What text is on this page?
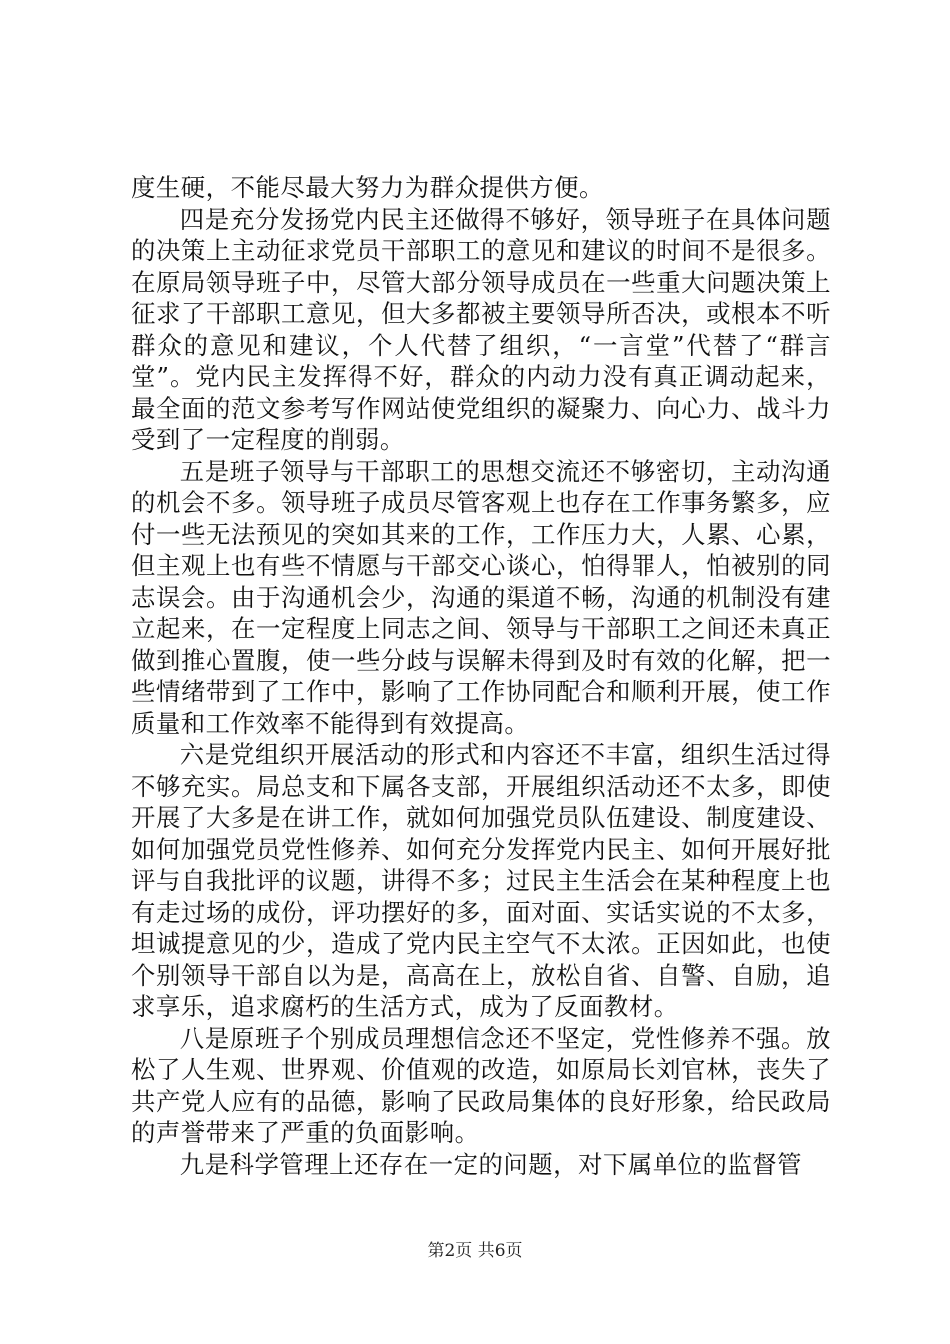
度生硬，不能尽最大努力为群众提供方便。

四是充分发扬党内民主还做得不够好，领导班子在具体问题的决策上主动征求党员干部职工的意见和建议的时间不是很多。在原局领导班子中，尽管大部分领导成员在一些重大问题决策上征求了干部职工意见，但大多都被主要领导所否决，或根本不听群众的意见和建议，个人代替了组织，“一言堂”代替了“群言堂”。党内民主发挥得不好，群众的内动力没有真正调动起来，最全面的范文参考写作网站使党组织的凝聚力、向心力、战斗力受到了一定程度的削弱。

五是班子领导与干部职工的思想交流还不够密切，主动沟通的机会不多。领导班子成员尽管客观上也存在工作事务繁多，应付一些无法预见的突如其来的工作，工作压力大，人累、心累，但主观上也有些不情愿与干部交心谈心，怕得罪人，怕被别的同志误会。由于沟通机会少，沟通的渠道不畅，沟通的机制没有建立起来，在一定程度上同志之间、领导与干部职工之间还未真正做到推心置腹，使一些分歧与误解未得到及时有效的化解，把一些情绪带到了工作中，影响了工作协同配合和顺利开展，使工作质量和工作效率不能得到有效提高。

六是党组织开展活动的形式和内容还不丰富，组织生活过得不够充实。局总支和下属各支部，开展组织活动还不太多，即使开展了大多是在讲工作，就如何加强党员队伍建设、制度建设、如何加强党员党性修养、如何充分发挥党内民主、如何开展好批评与自我批评的议题，讲得不多；过民主生活会在某种程度上也有走过场的成份，评功摆好的多，面对面、实话实说的不太多，坦诚提意见的少，造成了党内民主空气不太浓。正因如此，也使个别领导干部自以为是，高高在上，放松自省、自警、自励，追求享乐，追求腐朽的生活方式，成为了反面教材。

八是原班子个别成员理想信念还不坚定，党性修养不强。放松了人生观、世界观、价值观的改造，如原局长刘官林，丧失了共产党人应有的品德，影响了民政局集体的良好形象，给民政局的声誉带来了严重的负面影响。

九是科学管理上还存在一定的问题，对下属单位的监督管

第2页 共6页
